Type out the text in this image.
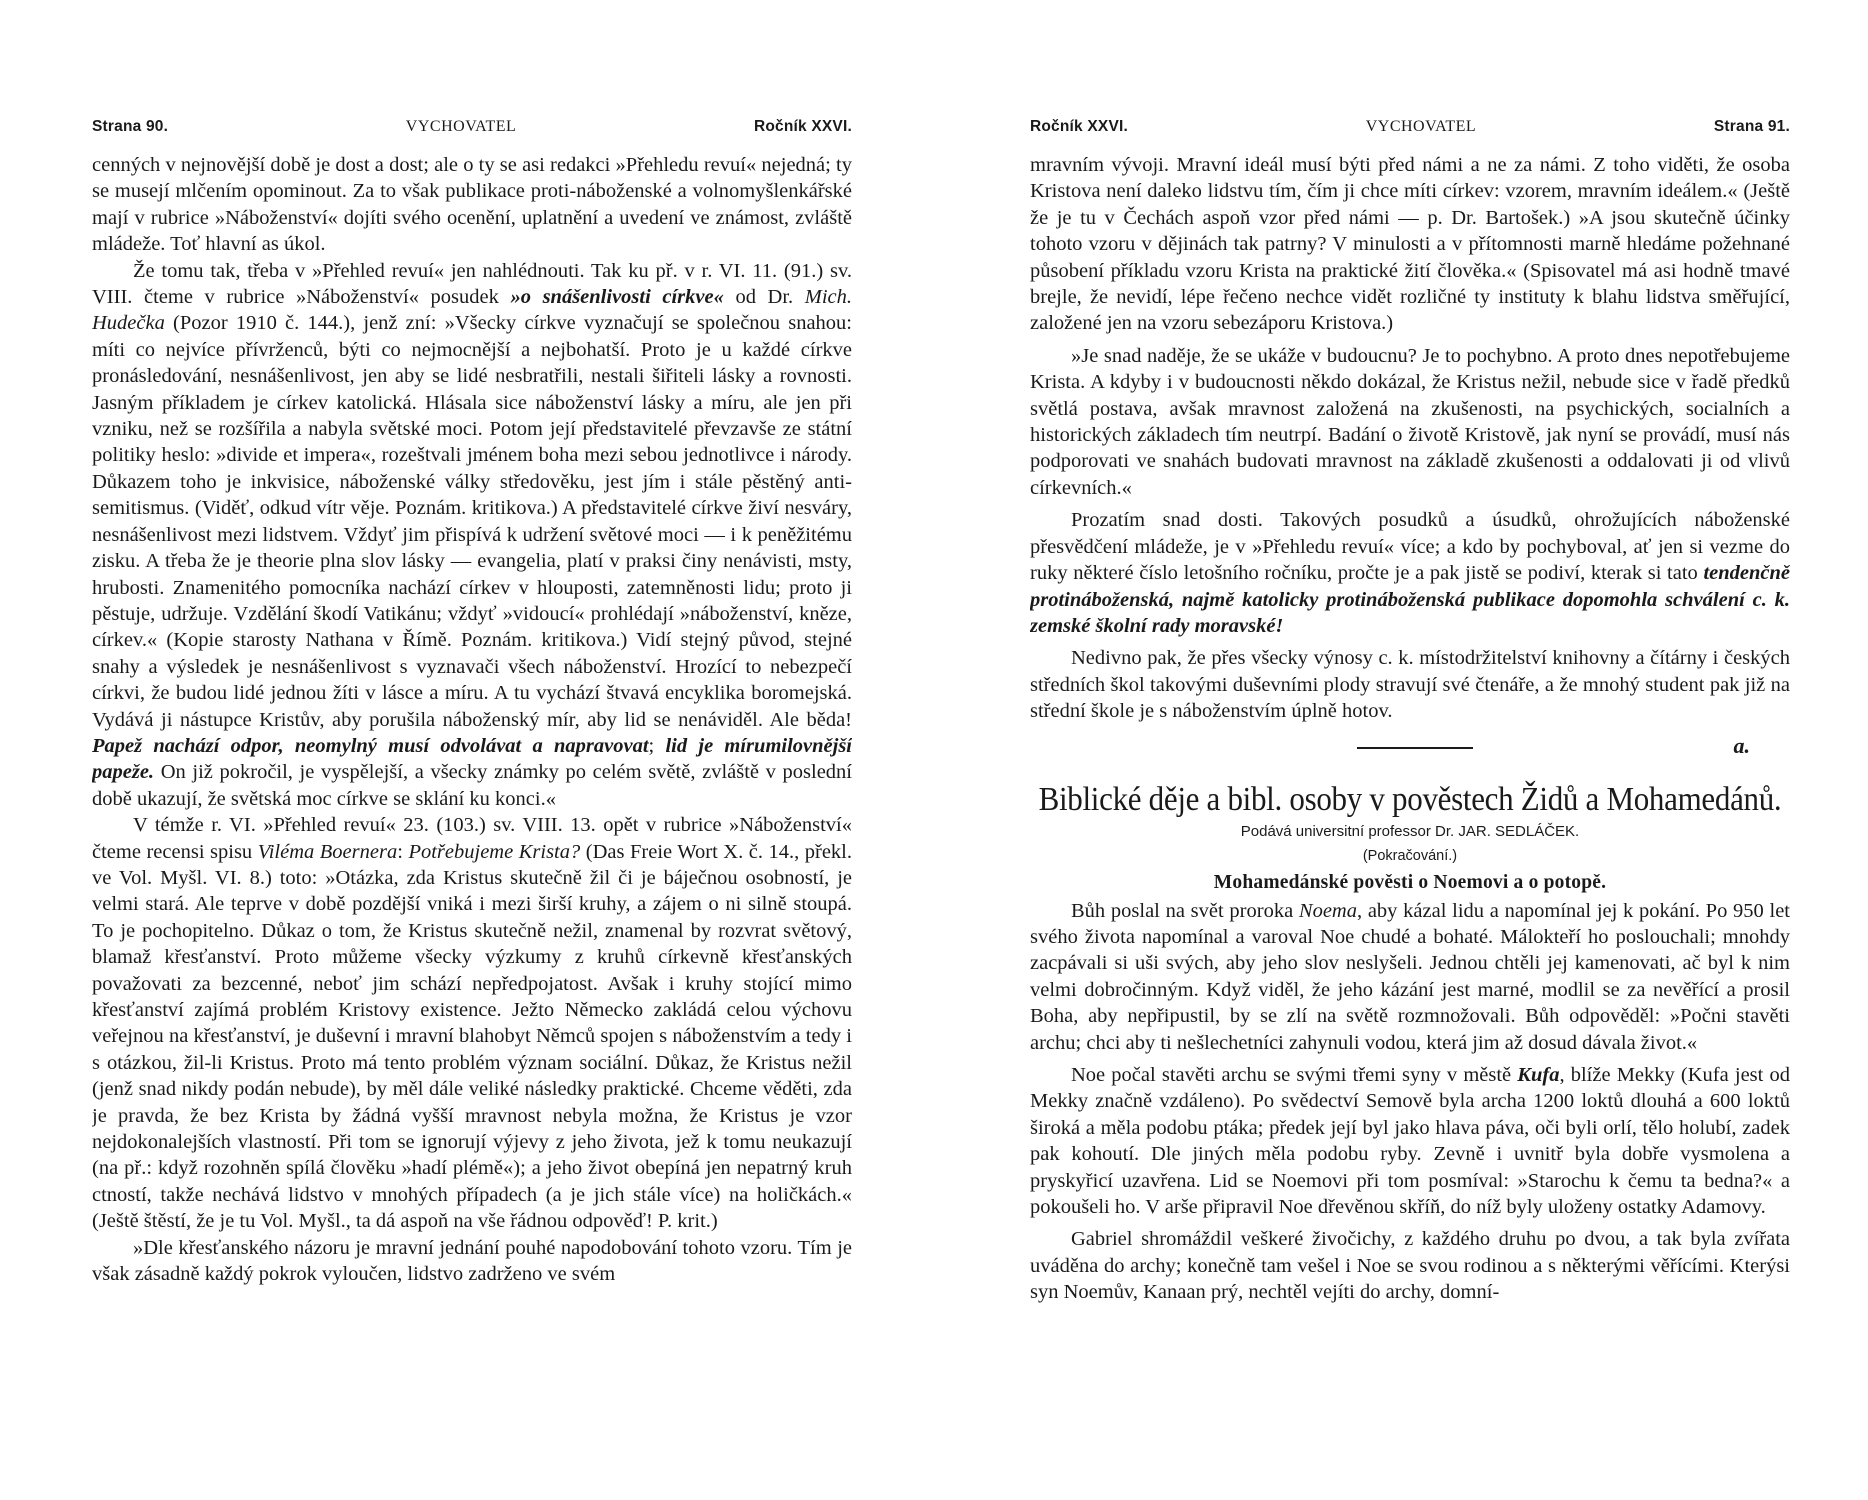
Strana 90.	VYCHOVATEL	Ročník XXVI.

cenných v nejnovější době je dost a dost; ale o ty se asi redakci »Přehledu revuí« nejedná; ty se musejí mlčením opominout. Za to však publikace proti-náboženské a volnomyšlenkářské mají v rubrice »Náboženství« dojíti svého ocenění, uplatnění a uvedení ve známost, zvláště mládeže. Toť hlavní as úkol.

Že tomu tak, třeba v »Přehled revuí« jen nahlédnouti. Tak ku př. v r. VI. 11. (91.) sv. VIII. čteme v rubrice »Náboženství« posudek »o snášenlivosti církve« od Dr. Mich. Hudečka (Pozor 1910 č. 144.), jenž zní: »Všecky církve vyznačují se společnou snahou: míti co nejvíce přívrženců, býti co nejmocnější a nejbohatší. Proto je u každé církve pronásledování, nesnášenlivost, jen aby se lidé nesbratřili, nestali šiřiteli lásky a rovnosti. Jasným příkladem je církev katolická. Hlásala sice náboženství lásky a míru, ale jen při vzniku, než se rozšířila a nabyla světské moci. Potom její představitelé převzavše ze státní politiky heslo: »divide et impera«, rozeštvali jménem boha mezi sebou jednotlivce i národy. Důkazem toho je inkvisice, náboženské války středověku, jest jím i stále pěstěný anti-semitismus. (Viděť, odkud vítr věje. Poznám. kritikova.) A představitelé církve živí nesváry, nesnášenlivost mezi lidstvem. Vždyť jim přispívá k udržení světové moci — i k peněžitému zisku. A třeba že je theorie plna slov lásky — evangelia, platí v praksi činy nenávisti, msty, hrubosti. Znamenitého pomocníka nachází církev v hlouposti, zatemněnosti lidu; proto ji pěstuje, udržuje. Vzdělání škodí Vatikánu; vždyť »vidoucí« prohlédají »náboženství, kněze, církev.« (Kopie starosty Nathana v Římě. Poznám. kritikova.) Vidí stejný původ, stejné snahy a výsledek je nesnášenlivost s vyznavači všech náboženství. Hrozící to nebezpečí církvi, že budou lidé jednou žíti v lásce a míru. A tu vychází štvavá encyklika boromejská. Vydává ji nástupce Kristův, aby porušila náboženský mír, aby lid se nenáviděl. Ale běda! Papež nachází odpor, neomylný musí odvolávat a napravovat; lid je mírumilovnější papeže. On již pokročil, je vyspělejší, a všecky známky po celém světě, zvláště v poslední době ukazují, že světská moc církve se sklání ku konci.«

V témže r. VI. »Přehled revuí« 23. (103.) sv. VIII. 13. opět v rubrice »Náboženství« čteme recensi spisu Viléma Boernera: Potřebujeme Krista? (Das Freie Wort X. č. 14., překl. ve Vol. Myšl. VI. 8.) toto: »Otázka, zda Kristus skutečně žil či je báječnou osobností, je velmi stará. Ale teprve v době pozdější vniká i mezi širší kruhy, a zájem o ni silně stoupá. To je pochopitelno. Důkaz o tom, že Kristus skutečně nežil, znamenal by rozvrat světový, blamaž křesťanství. Proto můžeme všecky výzkumy z kruhů církevně křesťanských považovati za bezcenné, neboť jim schází nepředpojatost. Avšak i kruhy stojící mimo křesťanství zajímá problém Kristovy existence. Ježto Německo zakládá celou výchovu veřejnou na křesťanství, je duševní i mravní blahobyt Němců spojen s náboženstvím a tedy i s otázkou, žil-li Kristus. Proto má tento problém význam sociální. Důkaz, že Kristus nežil (jenž snad nikdy podán nebude), by měl dále veliké následky praktické. Chceme věděti, zda je pravda, že bez Krista by žádná vyšší mravnost nebyla možna, že Kristus je vzor nejdokonalejších vlastností. Při tom se ignorují výjevy z jeho života, jež k tomu neukazují (na př.: když rozohněn spílá člověku »hadí plémě«); a jeho život obepíná jen nepatrný kruh ctností, takže nechává lidstvo v mnohých případech (a je jich stále více) na holičkách.« (Ještě štěstí, že je tu Vol. Myšl., ta dá aspoň na vše řádnou odpověď! P. krit.)

»Dle křesťanského názoru je mravní jednání pouhé napodobování tohoto vzoru. Tím je však zásadně každý pokrok vyloučen, lidstvo zadrženo ve svém

Ročník XXVI.	VYCHOVATEL	Strana 91.

mravním vývoji. Mravní ideál musí býti před námi a ne za námi. Z toho viděti, že osoba Kristova není daleko lidstvu tím, čím ji chce míti církev: vzorem, mravním ideálem.« (Ještě že je tu v Čechách aspoň vzor před námi — p. Dr. Bartošek.) »A jsou skutečně účinky tohoto vzoru v dějinách tak patrny? V minulosti a v přítomnosti marně hledáme požehnané působení příkladu vzoru Krista na praktické žití člověka.« (Spisovatel má asi hodně tmavé brejle, že nevidí, lépe řečeno nechce vidět rozličné ty instituty k blahu lidstva směřující, založené jen na vzoru sebezáporu Kristova.)

»Je snad naděje, že se ukáže v budoucnu? Je to pochybno. A proto dnes nepotřebujeme Krista. A kdyby i v budoucnosti někdo dokázal, že Kristus nežil, nebude sice v řadě předků světlá postava, avšak mravnost založená na zkušenosti, na psychických, socialních a historických základech tím neutrpí. Badání o životě Kristově, jak nyní se provádí, musí nás podporovati ve snahách budovati mravnost na základě zkušenosti a oddalovati ji od vlivů církevních.«

Prozatím snad dosti. Takových posudků a úsudků, ohrožujících náboženské přesvědčení mládeže, je v »Přehledu revuí« více; a kdo by pochyboval, ať jen si vezme do ruky některé číslo letošního ročníku, pročte je a pak jistě se podiví, kterak si tato tendenčně protináboženská, najmě katolicky protináboženská publikace dopomohla schválení c. k. zemské školní rady moravské!

Nedivno pak, že přes všecky výnosy c. k. místodržitelství knihovny a čítárny i českých středních škol takovými duševními plody stravují své čtenáře, a že mnohý student pak již na střední škole je s náboženstvím úplně hotov.

a.
Biblické děje a bibl. osoby v pověstech Židů a Mohamedánů.
Podává universitní professor Dr. JAR. SEDLÁČEK.
(Pokračování.)
Mohamedánské pověsti o Noemovi a o potopě.

Bůh poslal na svět proroka Noema, aby kázal lidu a napomínal jej k pokání. Po 950 let svého života napomínal a varoval Noe chudé a bohaté. Málokteří ho poslouchali; mnohdy zacpávali si uši svých, aby jeho slov neslyšeli. Jednou chtěli jej kamenovati, ač byl k nim velmi dobročinným. Když viděl, že jeho kázání jest marné, modlil se za nevěřící a prosil Boha, aby nepřipustil, by se zlí na světě rozmnožovali. Bůh odpověděl: »Počni stavěti archu; chci aby ti nešlechetníci zahynuli vodou, která jim až dosud dávala život.«

Noe počal stavěti archu se svými třemi syny v městě Kufa, blíže Mekky (Kufa jest od Mekky značně vzdáleno). Po svědectví Semově byla archa 1200 loktů dlouhá a 600 loktů široká a měla podobu ptáka; předek její byl jako hlava páva, oči byli orlí, tělo holubí, zadek pak kohoutí. Dle jiných měla podobu ryby. Zevně i uvnitř byla dobře vysmolena a pryskyřicí uzavřena. Lid se Noemovi při tom posmíval: »Starochu k čemu ta bedna?« a pokoušeli ho. V arše připravil Noe dřevěnou skříň, do níž byly uloženy ostatky Adamovy.

Gabriel shromáždil veškeré živočichy, z každého druhu po dvou, a tak byla zvířata uváděna do archy; konečně tam vešel i Noe se svou rodinou a s některými věřícími. Kterýsi syn Noemův, Kanaan prý, nechtěl vejíti do archy, domní-
